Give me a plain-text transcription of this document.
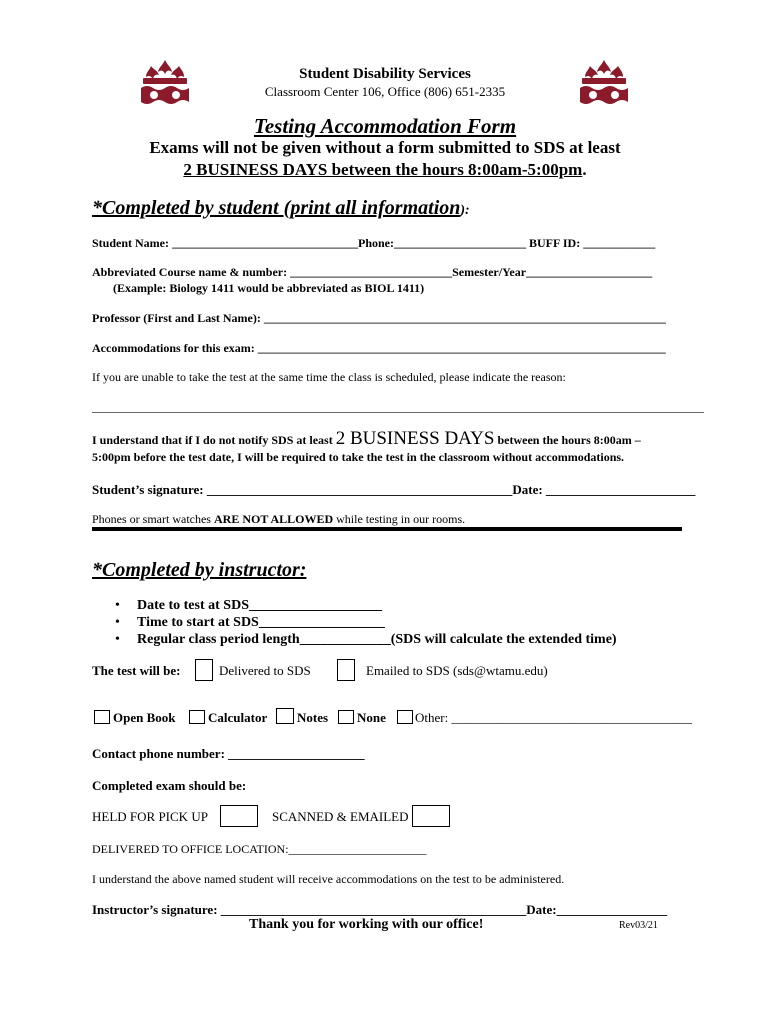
Student Disability Services
Classroom Center 106, Office (806) 651-2335
Testing Accommodation Form
Exams will not be given without a form submitted to SDS at least
2 BUSINESS DAYS between the hours 8:00am-5:00pm.
*Completed by student (print all information):
Student Name: _______________________________Phone:______________________ BUFF ID: ____________
Abbreviated Course name & number: ___________________________Semester/Year_____________________
(Example: Biology 1411 would be abbreviated as BIOL 1411)
Professor (First and Last Name): ___________________________________________________________________
Accommodations for this exam: ____________________________________________________________________
If you are unable to take the test at the same time the class is scheduled, please indicate the reason:
______________________________________________________________________________________________________
I understand that if I do not notify SDS at least 2 BUSINESS DAYS between the hours 8:00am –
5:00pm before the test date, I will be required to take the test in the classroom without accommodations.
Student’s signature: _______________________________________________Date: _______________________
Phones or smart watches ARE NOT ALLOWED while testing in our rooms.
*Completed by instructor:
• Date to test at SDS___________________
• Time to start at SDS__________________
• Regular class period length_____________(SDS will calculate the extended time)
The test will be:	Delivered to SDS	Emailed to SDS (sds@wtamu.edu)
Open Book	Calculator Notes None Other: _____________________________________
Contact phone number: _____________________
Completed exam should be:
HELD FOR PICK UP	SCANNED & EMAILED
DELIVERED TO OFFICE LOCATION:_______________________
I understand the above named student will receive accommodations on the test to be administered.
Instructor’s signature: _______________________________________________Date:_________________
Thank you for working with our office!	Rev03/21
